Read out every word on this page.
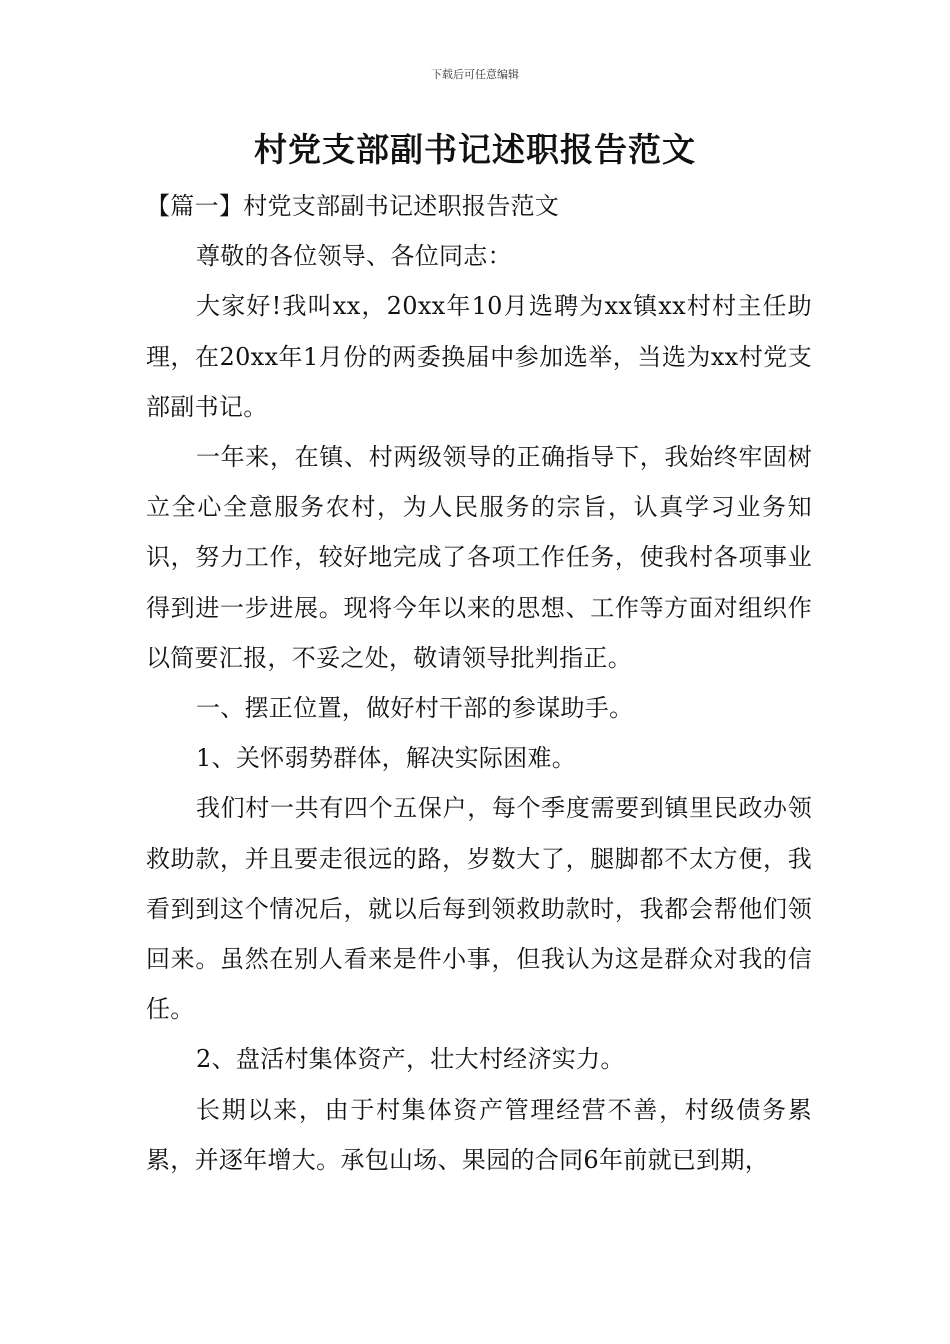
下载后可任意编辑
村党支部副书记述职报告范文

【篇一】村党支部副书记述职报告范文

尊敬的各位领导、各位同志：

大家好!我叫xx，20xx年10月选聘为xx镇xx村村主任助理，在20xx年1月份的两委换届中参加选举，当选为xx村党支部副书记。

一年来，在镇、村两级领导的正确指导下，我始终牢固树立全心全意服务农村，为人民服务的宗旨，认真学习业务知识，努力工作，较好地完成了各项工作任务，使我村各项事业得到进一步进展。现将今年以来的思想、工作等方面对组织作以简要汇报，不妥之处，敬请领导批判指正。

一、摆正位置，做好村干部的参谋助手。

1、关怀弱势群体，解决实际困难。

我们村一共有四个五保户，每个季度需要到镇里民政办领救助款，并且要走很远的路，岁数大了，腿脚都不太方便，我看到到这个情况后，就以后每到领救助款时，我都会帮他们领回来。虽然在别人看来是件小事，但我认为这是群众对我的信任。

2、盘活村集体资产，壮大村经济实力。

长期以来，由于村集体资产管理经营不善，村级债务累累，并逐年增大。承包山场、果园的合同6年前就已到期，
